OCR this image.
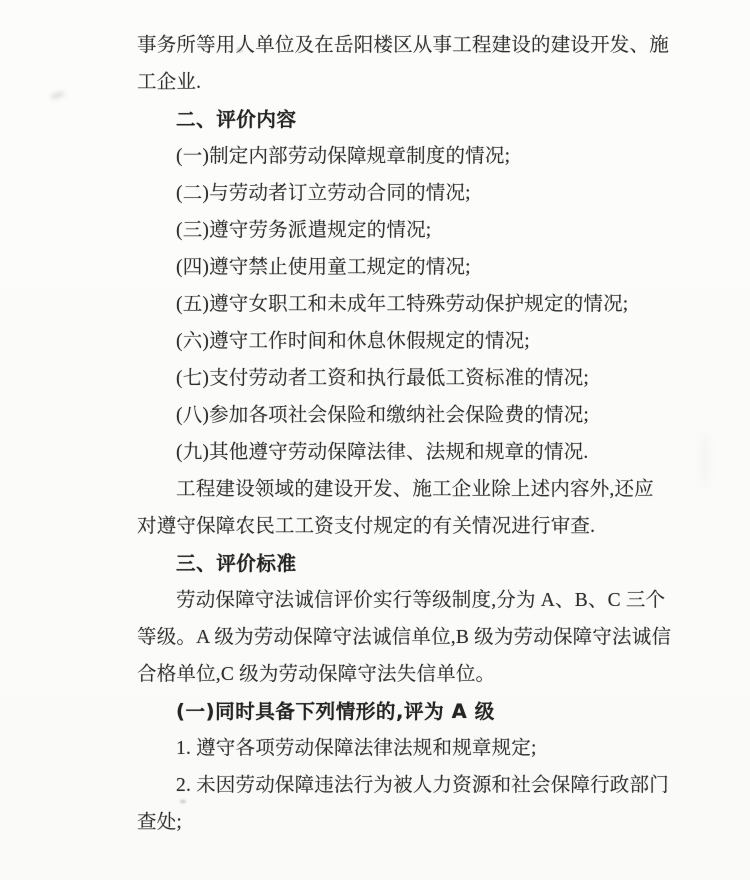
事务所等用人单位及在岳阳楼区从事工程建设的建设开发、施
工企业.
二、评价内容
(一)制定内部劳动保障规章制度的情况;
(二)与劳动者订立劳动合同的情况;
(三)遵守劳务派遣规定的情况;
(四)遵守禁止使用童工规定的情况;
(五)遵守女职工和未成年工特殊劳动保护规定的情况;
(六)遵守工作时间和休息休假规定的情况;
(七)支付劳动者工资和执行最低工资标准的情况;
(八)参加各项社会保险和缴纳社会保险费的情况;
(九)其他遵守劳动保障法律、法规和规章的情况.
工程建设领域的建设开发、施工企业除上述内容外,还应
对遵守保障农民工工资支付规定的有关情况进行审查.
三、评价标准
劳动保障守法诚信评价实行等级制度,分为 A、B、C 三个
等级。A 级为劳动保障守法诚信单位,B 级为劳动保障守法诚信
合格单位,C 级为劳动保障守法失信单位。
(一)同时具备下列情形的,评为 A 级
1. 遵守各项劳动保障法律法规和规章规定;
2. 未因劳动保障违法行为被人力资源和社会保障行政部门
查处;
